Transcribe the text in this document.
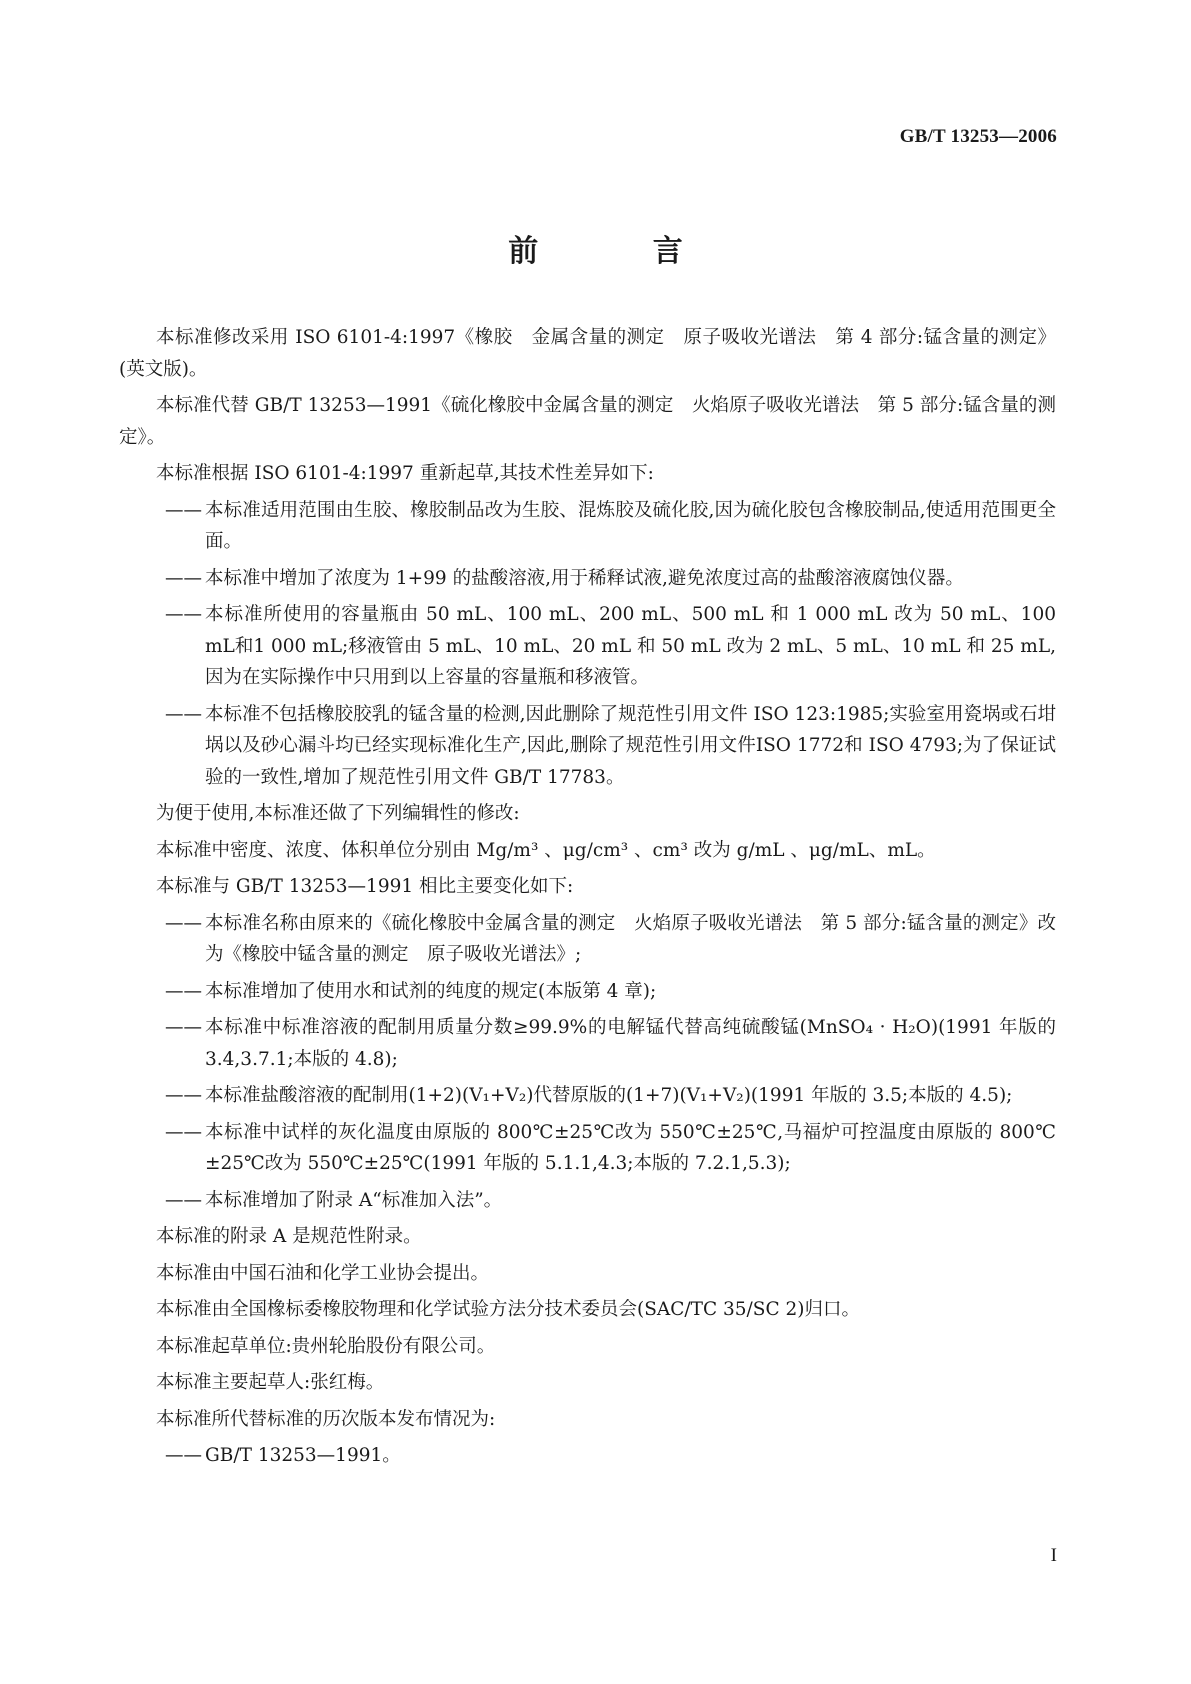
GB/T 13253—2006
前 言

本标准修改采用 ISO 6101-4:1997《橡胶　金属含量的测定　原子吸收光谱法　第 4 部分:锰含量的测定》(英文版)。

本标准代替 GB/T 13253—1991《硫化橡胶中金属含量的测定　火焰原子吸收光谱法　第 5 部分:锰含量的测定》。

本标准根据 ISO 6101-4:1997 重新起草,其技术性差异如下:

—— 本标准适用范围由生胶、橡胶制品改为生胶、混炼胶及硫化胶,因为硫化胶包含橡胶制品,使适用范围更全面。
—— 本标准中增加了浓度为 1+99 的盐酸溶液,用于稀释试液,避免浓度过高的盐酸溶液腐蚀仪器。
—— 本标准所使用的容量瓶由 50 mL、100 mL、200 mL、500 mL 和 1 000 mL 改为 50 mL、100 mL和1 000 mL;移液管由 5 mL、10 mL、20 mL 和 50 mL 改为 2 mL、5 mL、10 mL 和 25 mL,因为在实际操作中只用到以上容量的容量瓶和移液管。
—— 本标准不包括橡胶胶乳的锰含量的检测,因此删除了规范性引用文件 ISO 123:1985;实验室用瓷埚或石坩埚以及砂心漏斗均已经实现标准化生产,因此,删除了规范性引用文件ISO 1772和 ISO 4793;为了保证试验的一致性,增加了规范性引用文件 GB/T 17783。

为便于使用,本标准还做了下列编辑性的修改:

本标准中密度、浓度、体积单位分别由 Mg/m³ 、μg/cm³ 、cm³ 改为 g/mL 、μg/mL、mL。

本标准与 GB/T 13253—1991 相比主要变化如下:

—— 本标准名称由原来的《硫化橡胶中金属含量的测定　火焰原子吸收光谱法　第 5 部分:锰含量的测定》改为《橡胶中锰含量的测定　原子吸收光谱法》;
—— 本标准增加了使用水和试剂的纯度的规定(本版第 4 章);
—— 本标准中标准溶液的配制用质量分数≥99.9%的电解锰代替高纯硫酸锰(MnSO₄ · H₂O)(1991 年版的 3.4,3.7.1;本版的 4.8);
—— 本标准盐酸溶液的配制用(1+2)(V₁+V₂)代替原版的(1+7)(V₁+V₂)(1991 年版的 3.5;本版的 4.5);
—— 本标准中试样的灰化温度由原版的 800℃±25℃改为 550℃±25℃,马福炉可控温度由原版的 800℃±25℃改为 550℃±25℃(1991 年版的 5.1.1,4.3;本版的 7.2.1,5.3);
—— 本标准增加了附录 A“标准加入法”。

本标准的附录 A 是规范性附录。

本标准由中国石油和化学工业协会提出。

本标准由全国橡标委橡胶物理和化学试验方法分技术委员会(SAC/TC 35/SC 2)归口。

本标准起草单位:贵州轮胎股份有限公司。

本标准主要起草人:张红梅。

本标准所代替标准的历次版本发布情况为:

—— GB/T 13253—1991。
I
